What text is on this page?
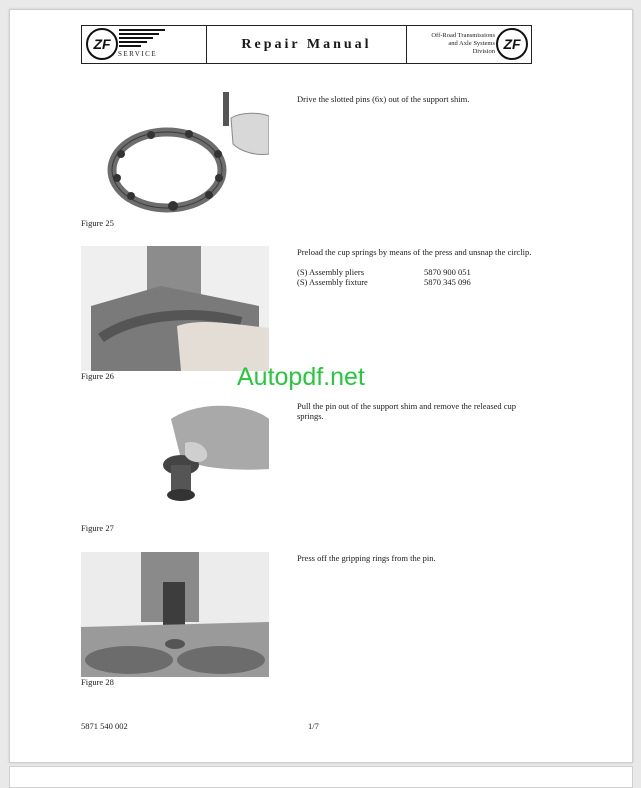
ZF
SERVICE
Repair Manual
Off-Road Transmissions
and Axle Systems
Division ZF
Figure 25
Drive the slotted pins (6x) out of the support shim.
Figure 26
Preload the cup springs by means of the press and unsnap the circlip.
(S) Assembly pliers	5870 900 051
(S) Assembly fixture	5870 345 096
Autopdf.net
Figure 27
Pull the pin out of the support shim and remove the released cup springs.
Figure 28
Press off the gripping rings from the pin.
5871 540 002	1/7
